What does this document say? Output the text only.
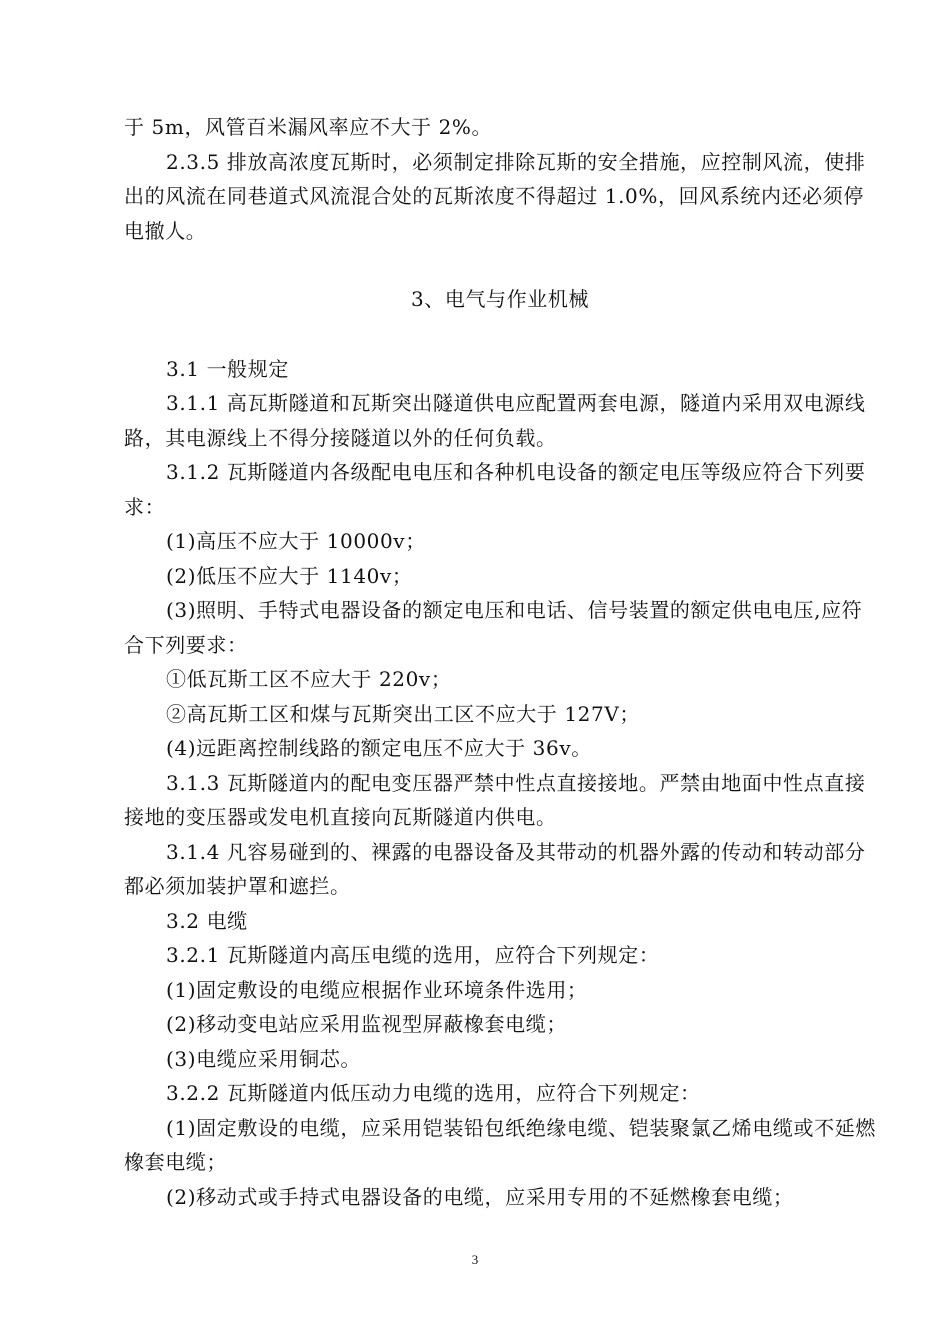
于 5m，风管百米漏风率应不大于 2%。

2.3.5 排放高浓度瓦斯时，必须制定排除瓦斯的安全措施，应控制风流，使排出的风流在同巷道式风流混合处的瓦斯浓度不得超过 1.0%，回风系统内还必须停电撤人。

3、电气与作业机械

3.1 一般规定

3.1.1 高瓦斯隧道和瓦斯突出隧道供电应配置两套电源，隧道内采用双电源线路，其电源线上不得分接隧道以外的任何负载。

3.1.2 瓦斯隧道内各级配电电压和各种机电设备的额定电压等级应符合下列要求：

(1)高压不应大于 10000v；

(2)低压不应大于 1140v；

(3)照明、手特式电器设备的额定电压和电话、信号装置的额定供电电压,应符合下列要求：

①低瓦斯工区不应大于 220v；

②高瓦斯工区和煤与瓦斯突出工区不应大于 127V；

(4)远距离控制线路的额定电压不应大于 36v。

3.1.3 瓦斯隧道内的配电变压器严禁中性点直接接地。严禁由地面中性点直接接地的变压器或发电机直接向瓦斯隧道内供电。

3.1.4 凡容易碰到的、裸露的电器设备及其带动的机器外露的传动和转动部分都必须加装护罩和遮拦。

3.2 电缆

3.2.1 瓦斯隧道内高压电缆的选用，应符合下列规定：

(1)固定敷设的电缆应根据作业环境条件选用；

(2)移动变电站应采用监视型屏蔽橡套电缆；

(3)电缆应采用铜芯。

3.2.2 瓦斯隧道内低压动力电缆的选用，应符合下列规定：

(1)固定敷设的电缆，应采用铠装铅包纸绝缘电缆、铠装聚氯乙烯电缆或不延燃橡套电缆；

(2)移动式或手持式电器设备的电缆，应采用专用的不延燃橡套电缆；

3
